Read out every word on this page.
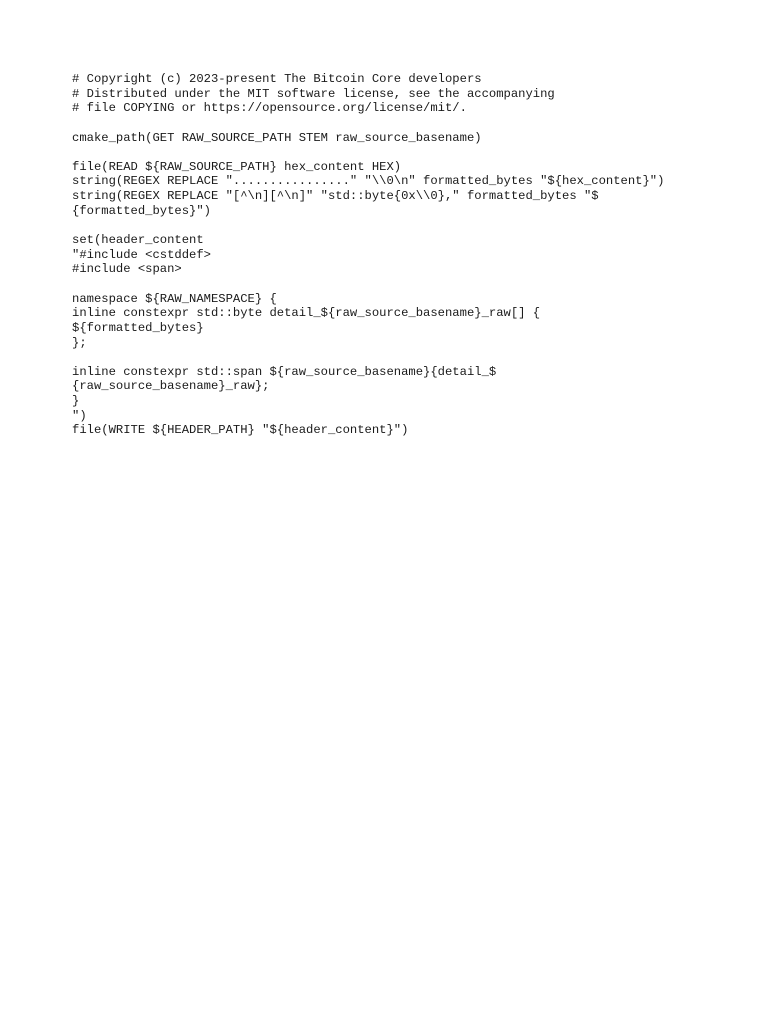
# Copyright (c) 2023-present The Bitcoin Core developers
# Distributed under the MIT software license, see the accompanying
# file COPYING or https://opensource.org/license/mit/.
cmake_path(GET RAW_SOURCE_PATH STEM raw_source_basename)
file(READ ${RAW_SOURCE_PATH} hex_content HEX)
string(REGEX REPLACE "................" "\\0\n" formatted_bytes "${hex_content}")
string(REGEX REPLACE "[^\n][^\n]" "std::byte{0x\\0}," formatted_bytes "$
{formatted_bytes}")
set(header_content
"#include <cstddef>
#include <span>
namespace ${RAW_NAMESPACE} {
inline constexpr std::byte detail_${raw_source_basename}_raw[] {
${formatted_bytes}
};
inline constexpr std::span ${raw_source_basename}{detail_$
{raw_source_basename}_raw};
}
")
file(WRITE ${HEADER_PATH} "${header_content}")
